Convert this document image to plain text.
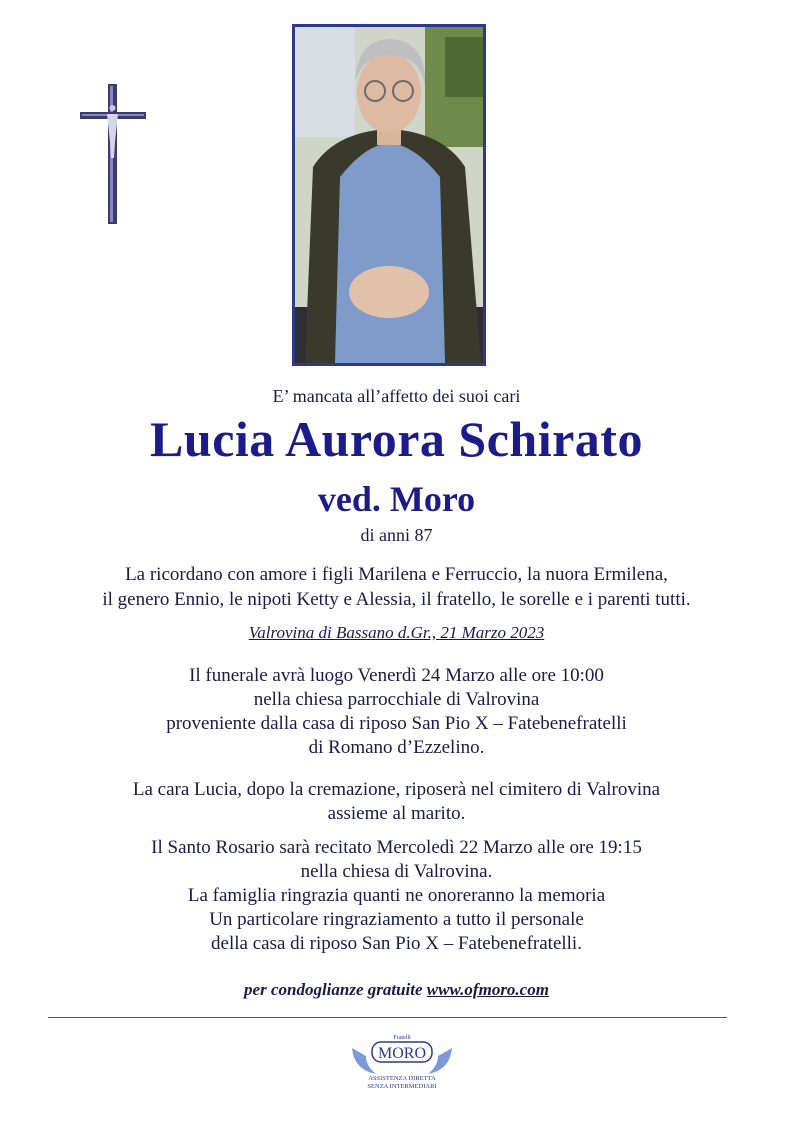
E’ mancata all’affetto dei suoi cari
Lucia Aurora Schirato
ved. Moro
di anni 87
La ricordano con amore i figli Marilena e Ferruccio, la nuora Ermilena,
il genero Ennio, le nipoti Ketty e Alessia, il fratello, le sorelle e i parenti tutti.
Valrovina di Bassano d.Gr., 21 Marzo 2023
Il funerale avrà luogo Venerdì 24 Marzo alle ore 10:00
nella chiesa parrocchiale di Valrovina
proveniente dalla casa di riposo San Pio X – Fatebenefratelli
di Romano d’Ezzelino.
La cara Lucia, dopo la cremazione, riposerà nel cimitero di Valrovina
assieme al marito.
Il Santo Rosario sarà recitato Mercoledì 22 Marzo alle ore 19:15
nella chiesa di Valrovina.
La famiglia ringrazia quanti ne onoreranno la memoria
Un particolare ringraziamento a tutto il personale
della casa di riposo San Pio X – Fatebenefratelli.
per condoglianze gratuite www.ofmoro.com
Fratelli
MORO
ASSISTENZA DIRETTA
SENZA INTERMEDIARI
